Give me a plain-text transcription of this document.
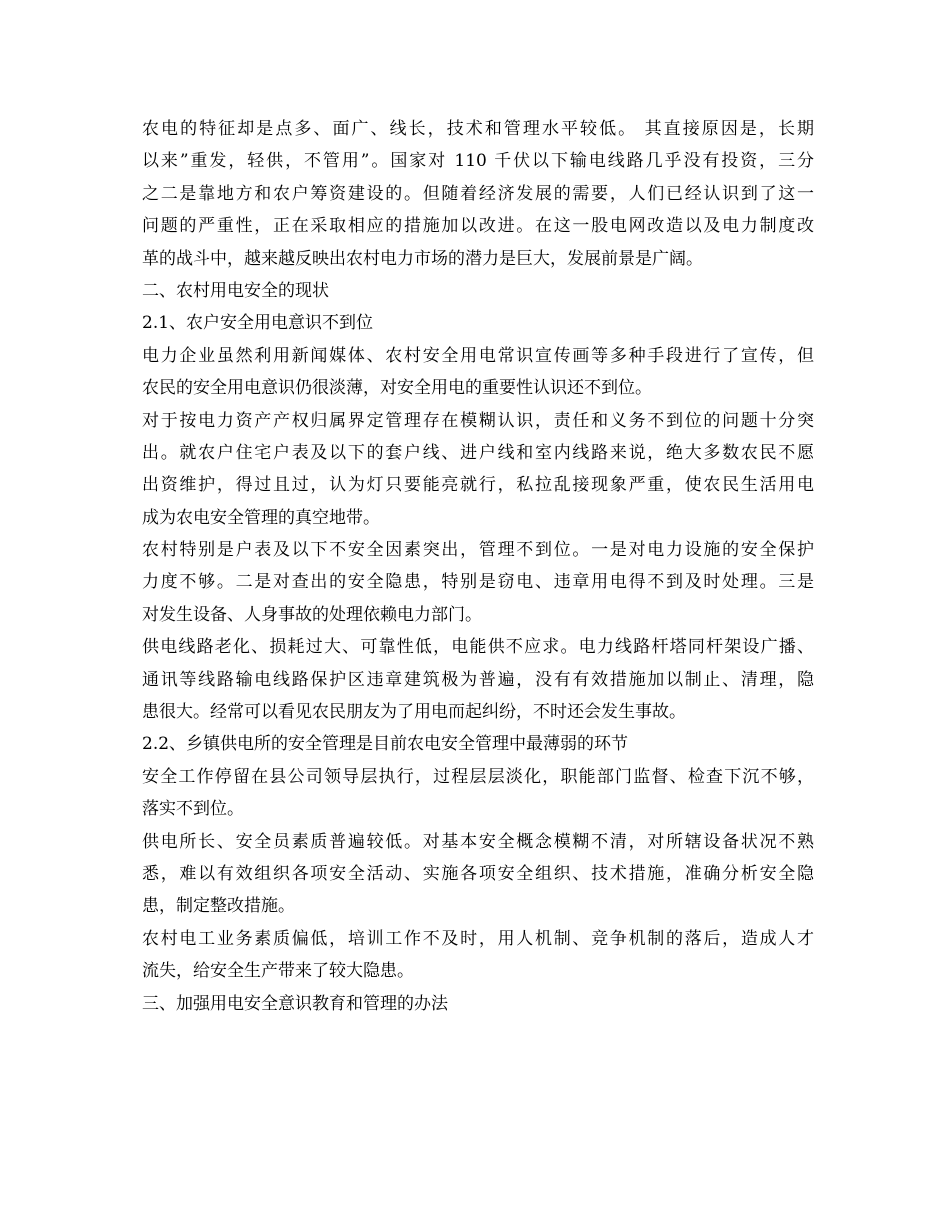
农电的特征却是点多、面广、线长，技术和管理水平较低。 其直接原因是，长期
以来”重发，轻供，不管用”。国家对 110 千伏以下输电线路几乎没有投资，三分
之二是靠地方和农户筹资建设的。但随着经济发展的需要，人们已经认识到了这一
问题的严重性，正在采取相应的措施加以改进。在这一股电网改造以及电力制度改
革的战斗中，越来越反映出农村电力市场的潜力是巨大，发展前景是广阔。
二、农村用电安全的现状
2.1、农户安全用电意识不到位
电力企业虽然利用新闻媒体、农村安全用电常识宣传画等多种手段进行了宣传，但
农民的安全用电意识仍很淡薄，对安全用电的重要性认识还不到位。
对于按电力资产产权归属界定管理存在模糊认识，责任和义务不到位的问题十分突
出。就农户住宅户表及以下的套户线、进户线和室内线路来说，绝大多数农民不愿
出资维护，得过且过，认为灯只要能亮就行，私拉乱接现象严重，使农民生活用电
成为农电安全管理的真空地带。
农村特别是户表及以下不安全因素突出，管理不到位。一是对电力设施的安全保护
力度不够。二是对查出的安全隐患，特别是窃电、违章用电得不到及时处理。三是
对发生设备、人身事故的处理依赖电力部门。
供电线路老化、损耗过大、可靠性低，电能供不应求。电力线路杆塔同杆架设广播、
通讯等线路输电线路保护区违章建筑极为普遍，没有有效措施加以制止、清理，隐
患很大。经常可以看见农民朋友为了用电而起纠纷，不时还会发生事故。
2.2、乡镇供电所的安全管理是目前农电安全管理中最薄弱的环节
安全工作停留在县公司领导层执行，过程层层淡化，职能部门监督、检查下沉不够，
落实不到位。
供电所长、安全员素质普遍较低。对基本安全概念模糊不清，对所辖设备状况不熟
悉，难以有效组织各项安全活动、实施各项安全组织、技术措施，准确分析安全隐
患，制定整改措施。
农村电工业务素质偏低，培训工作不及时，用人机制、竞争机制的落后，造成人才
流失，给安全生产带来了较大隐患。
三、加强用电安全意识教育和管理的办法
